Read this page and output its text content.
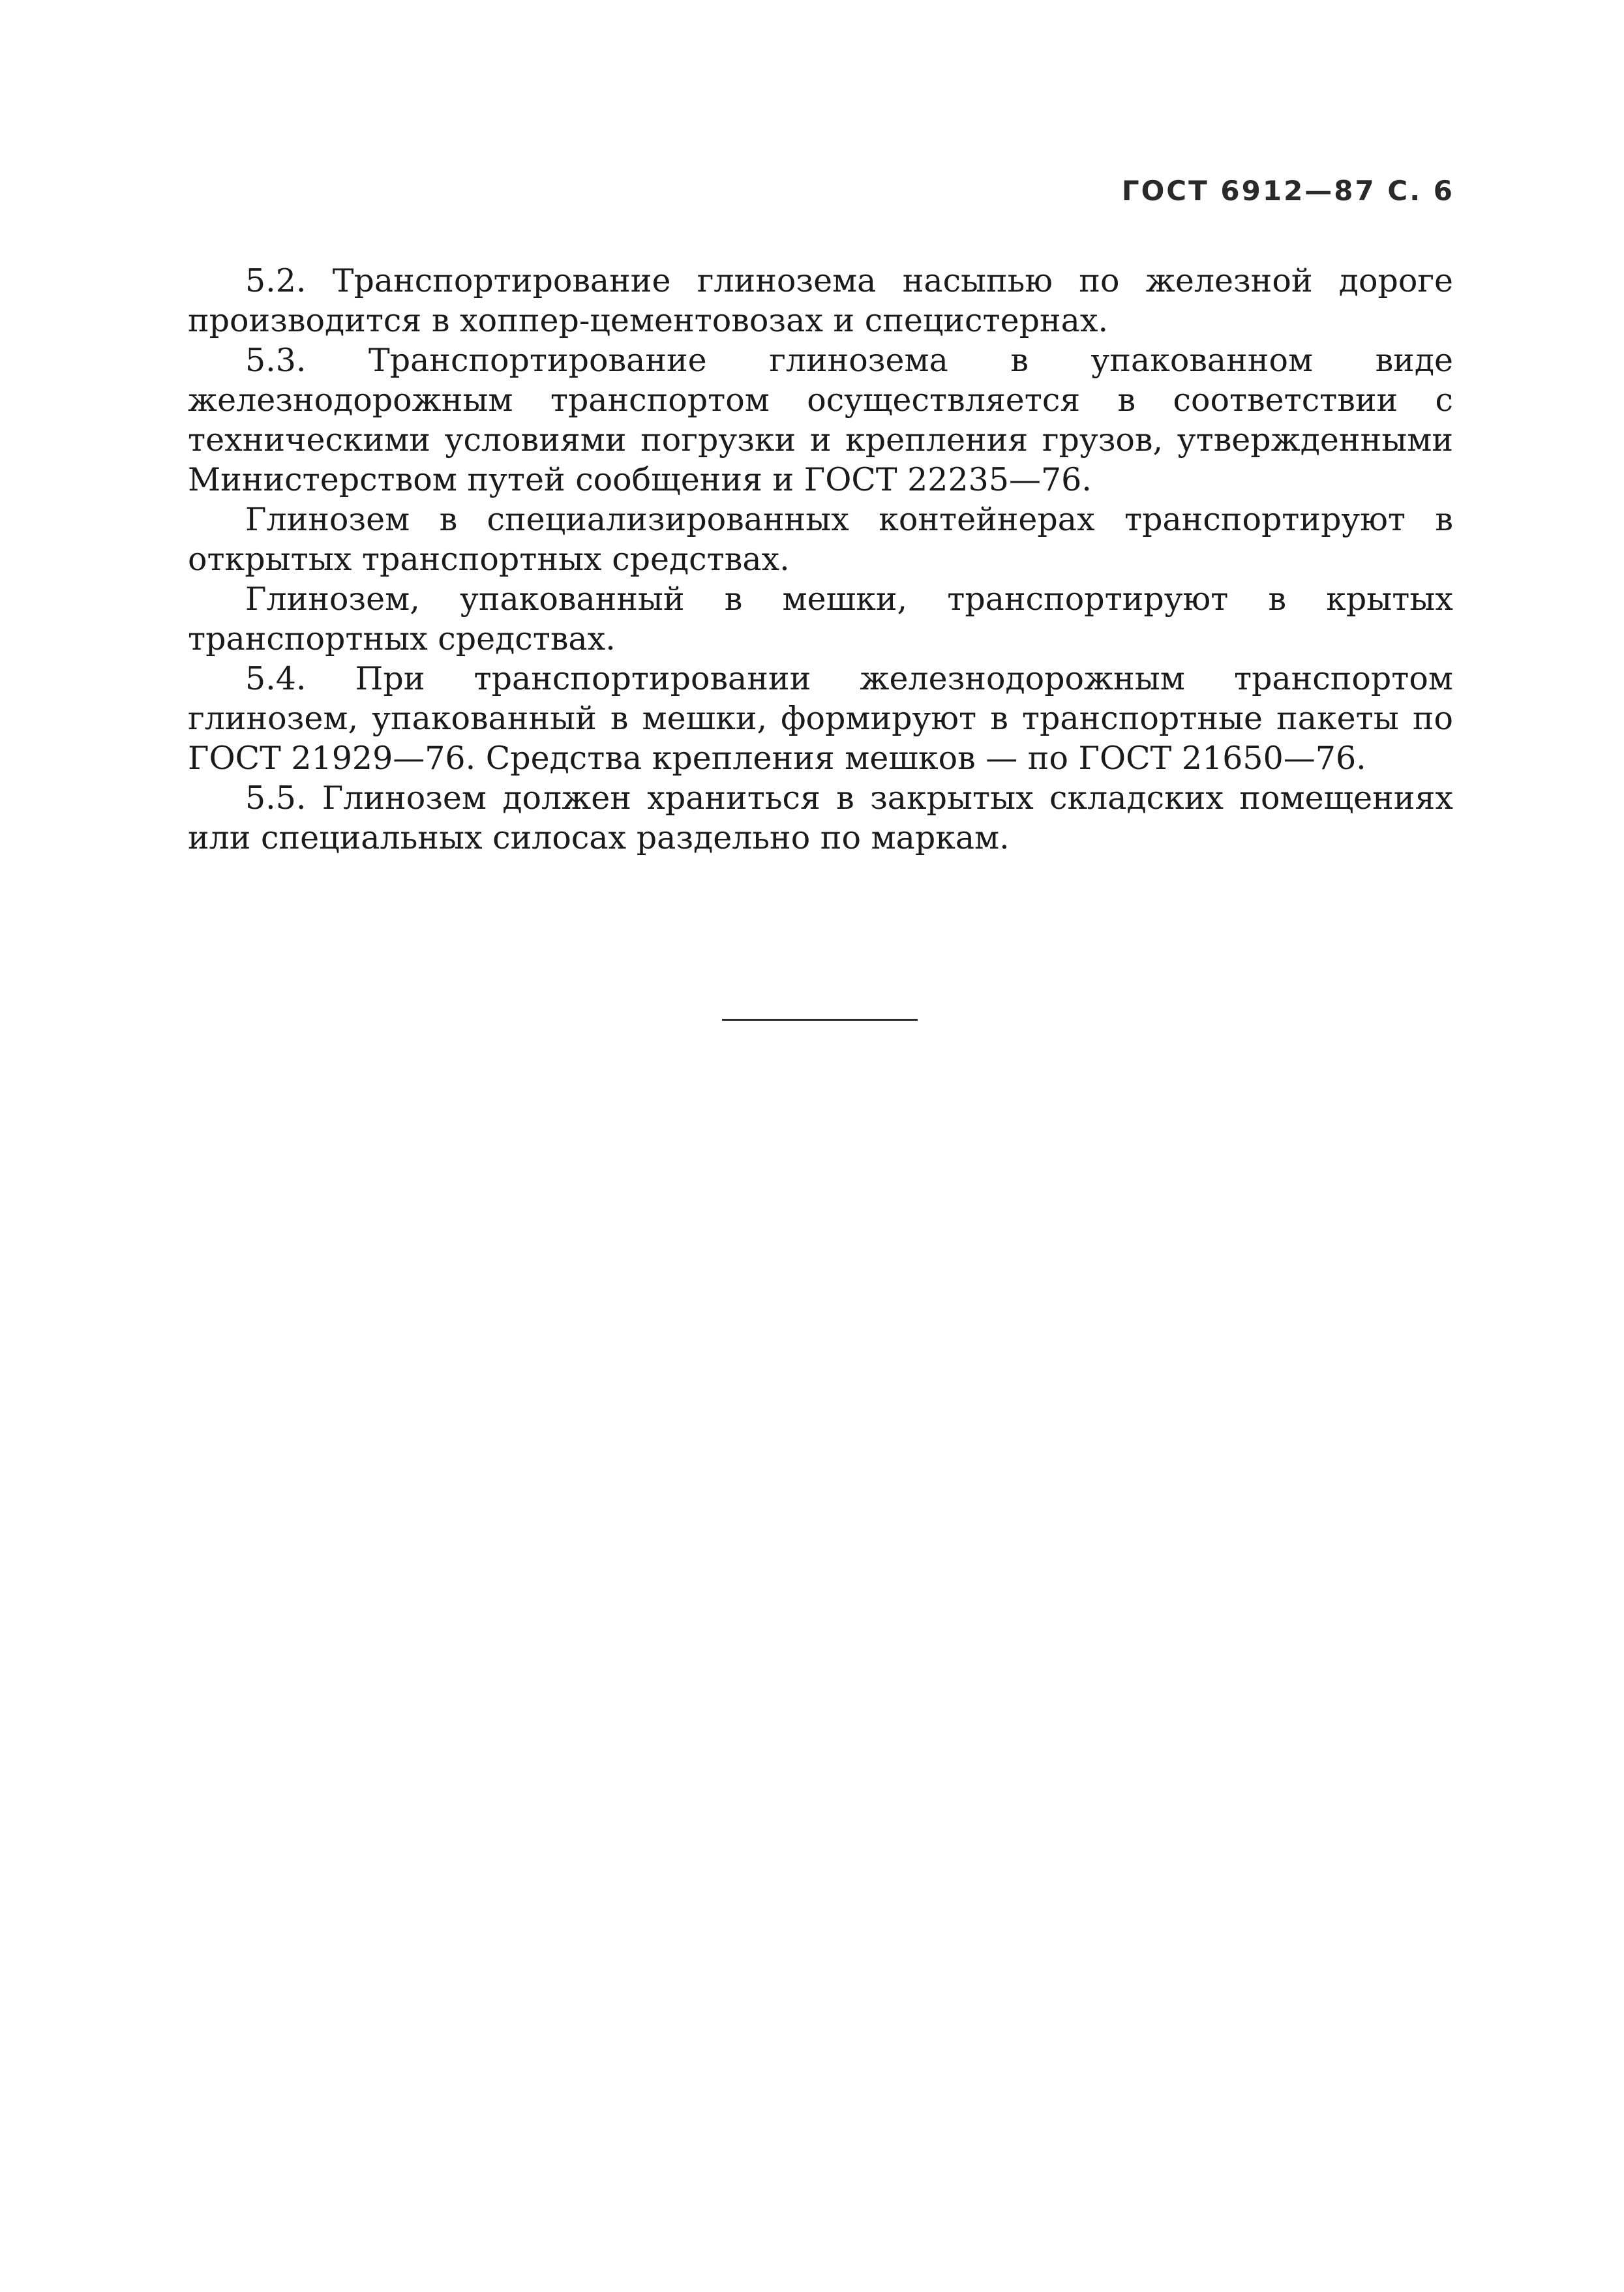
ГОСТ 6912—87 С. 6

5.2. Транспортирование глинозема насыпью по железной дороге производится в хоппер-цементовозах и специстернах.

5.3. Транспортирование глинозема в упакованном виде железнодорожным транспортом осуществляется в соответствии с техническими условиями погрузки и крепления грузов, утвержденными Министерством путей сообщения и ГОСТ 22235—76.

Глинозем в специализированных контейнерах транспортируют в открытых транспортных средствах.

Глинозем, упакованный в мешки, транспортируют в крытых транспортных средствах.

5.4. При транспортировании железнодорожным транспортом глинозем, упакованный в мешки, формируют в транспортные пакеты по ГОСТ 21929—76. Средства крепления мешков — по ГОСТ 21650—76.

5.5. Глинозем должен храниться в закрытых складских помещениях или специальных силосах раздельно по маркам.
